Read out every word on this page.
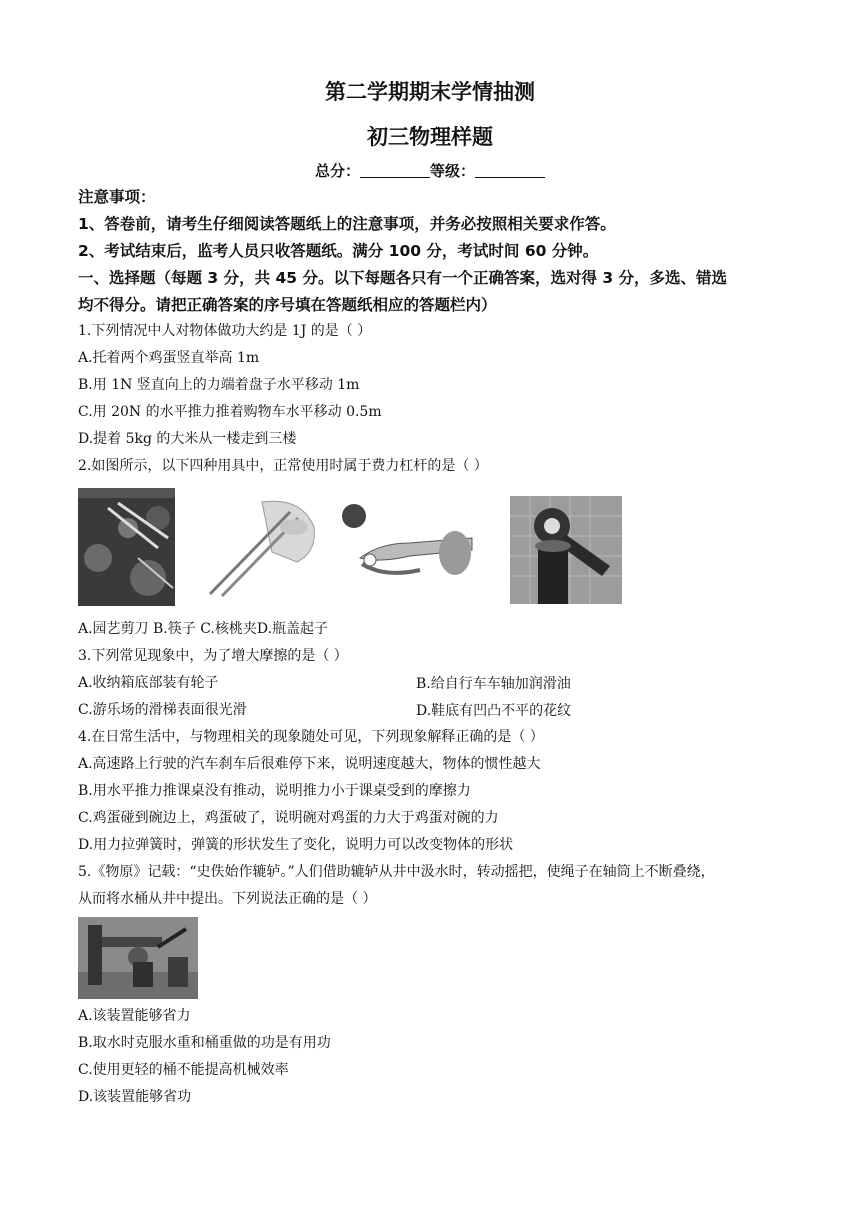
第二学期期末学情抽测
初三物理样题
总分：	等级：
注意事项：
1、答卷前，请考生仔细阅读答题纸上的注意事项，并务必按照相关要求作答。
2、考试结束后，监考人员只收答题纸。满分 100 分，考试时间 60 分钟。
一、选择题（每题 3 分，共 45 分。以下每题各只有一个正确答案，选对得 3 分，多选、错选
均不得分。请把正确答案的序号填在答题纸相应的答题栏内）
1.下列情况中人对物体做功大约是 1J 的是（ ）
A.托着两个鸡蛋竖直举高 1m
B.用 1N 竖直向上的力端着盘子水平移动 1m
C.用 20N 的水平推力推着购物车水平移动 0.5m
D.提着 5kg 的大米从一楼走到三楼
2.如图所示，以下四种用具中，正常使用时属于费力杠杆的是（ ）
A.园艺剪刀 B.筷子 C.核桃夹D.瓶盖起子
3.下列常见现象中，为了增大摩擦的是（ ）
A.收纳箱底部装有轮子	B.给自行车车轴加润滑油
C.游乐场的滑梯表面很光滑	D.鞋底有凹凸不平的花纹
4.在日常生活中，与物理相关的现象随处可见，下列现象解释正确的是（ ）
A.高速路上行驶的汽车刹车后很难停下来，说明速度越大，物体的惯性越大
B.用水平推力推课桌没有推动，说明推力小于课桌受到的摩擦力
C.鸡蛋碰到碗边上，鸡蛋破了，说明碗对鸡蛋的力大于鸡蛋对碗的力
D.用力拉弹簧时，弹簧的形状发生了变化，说明力可以改变物体的形状
5.《物原》记载：“史佚始作辘轳。”人们借助辘轳从井中汲水时，转动摇把，使绳子在轴筒上不断叠绕，
从而将水桶从井中提出。下列说法正确的是（ ）
A.该装置能够省力
B.取水时克服水重和桶重做的功是有用功
C.使用更轻的桶不能提高机械效率
D.该装置能够省功
